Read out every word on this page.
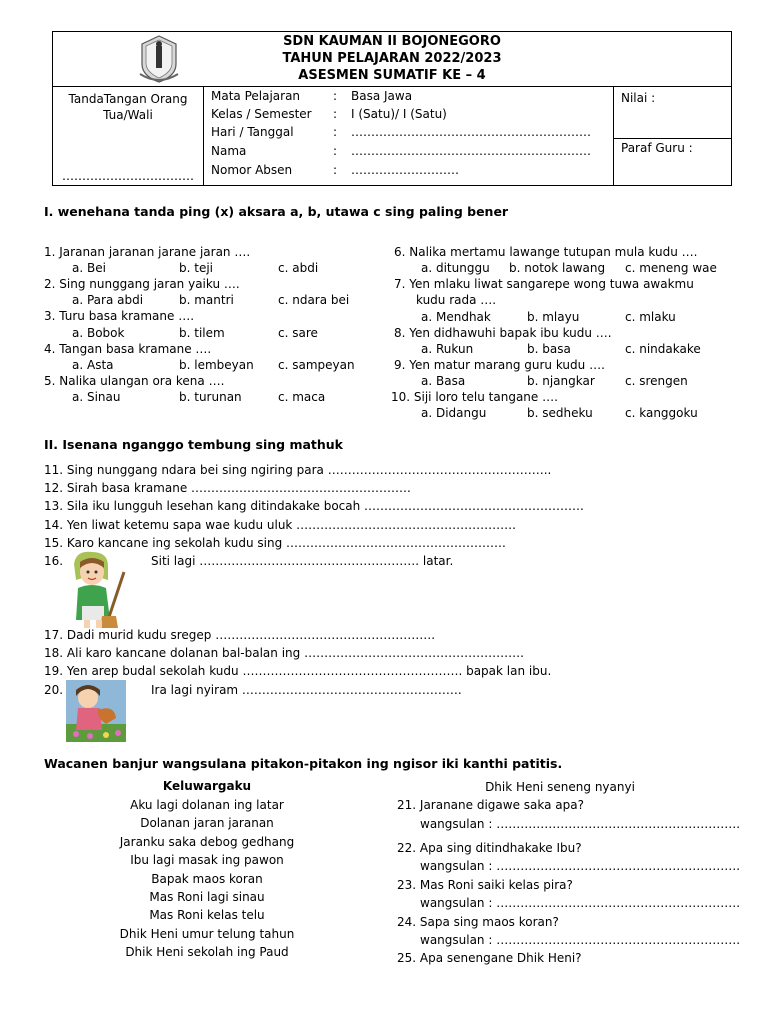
SDN KAUMAN II BOJONEGORO
TAHUN PELAJARAN 2022/2023
ASESMEN SUMATIF KE – 4
TandaTangan Orang Tua/Wali
……………………………
Mata Pelajaran	: Basa Jawa
Kelas / Semester : I (Satu)/ I (Satu)
Hari / Tanggal	: ……………………………………………………
Nama	: ……………………………………………………
Nomor Absen	: ………………………
Nilai :
Paraf Guru :
I. wenehana tanda ping (x) aksara a, b, utawa c sing paling bener
1. Jaranan jaranan jarane jaran ….
a. Bei	b. teji	c. abdi
2. Sing nunggang jaran yaiku ….
a. Para abdi	b. mantri	c. ndara bei
3. Turu basa kramane ….
a. Bobok	b. tilem	c. sare
4. Tangan basa kramane ….
a. Asta	b. lembeyan c. sampeyan
5. Nalika ulangan ora kena ….
a. Sinau	b. turunan	c. maca
6. Nalika mertamu lawange tutupan mula kudu ….
a. ditunggu b. notok lawang c. meneng wae
7. Yen mlaku liwat sangarepe wong tuwa awakmu
kudu rada ….
a. Mendhak	b. mlayu	c. mlaku
8. Yen didhawuhi bapak ibu kudu ….
a. Rukun	b. basa	c. nindakake
9. Yen matur marang guru kudu ….
a. Basa	b. njangkar	c. srengen
10. Siji loro telu tangane ….
a. Didangu	b. sedheku	c. kanggoku
II. Isenana nganggo tembung sing mathuk
11. Sing nunggang ndara bei sing ngiring para ………………………………………………..
12. Sirah basa kramane ……………………………………………….
13. Sila iku lungguh lesehan kang ditindakake bocah ……………………………………………….
14. Yen liwat ketemu sapa wae kudu uluk ……………………………………………….
15. Karo kancane ing sekolah kudu sing ……………………………………………….
16.	Siti lagi ………………………………………………. latar.
17. Dadi murid kudu sregep ……………………………………………….
18. Ali karo kancane dolanan bal-balan ing ……………………………………………….
19. Yen arep budal sekolah kudu ………………………………………………. bapak lan ibu.
20.	Ira lagi nyiram ……………………………………………….
Wacanen banjur wangsulana pitakon-pitakon ing ngisor iki kanthi patitis.
Keluwargaku
Aku lagi dolanan ing latar
Dolanan jaran jaranan
Jaranku saka debog gedhang
Ibu lagi masak ing pawon
Bapak maos koran
Mas Roni lagi sinau
Mas Roni kelas telu
Dhik Heni umur telung tahun
Dhik Heni sekolah ing Paud
Dhik Heni seneng nyanyi
21. Jaranane digawe saka apa?
wangsulan : …………………………………………………….
22. Apa sing ditindhakake Ibu?
wangsulan : …………………………………………………….
23. Mas Roni saiki kelas pira?
wangsulan : …………………………………………………….
24. Sapa sing maos koran?
wangsulan : …………………………………………………….
25. Apa senengane Dhik Heni?
